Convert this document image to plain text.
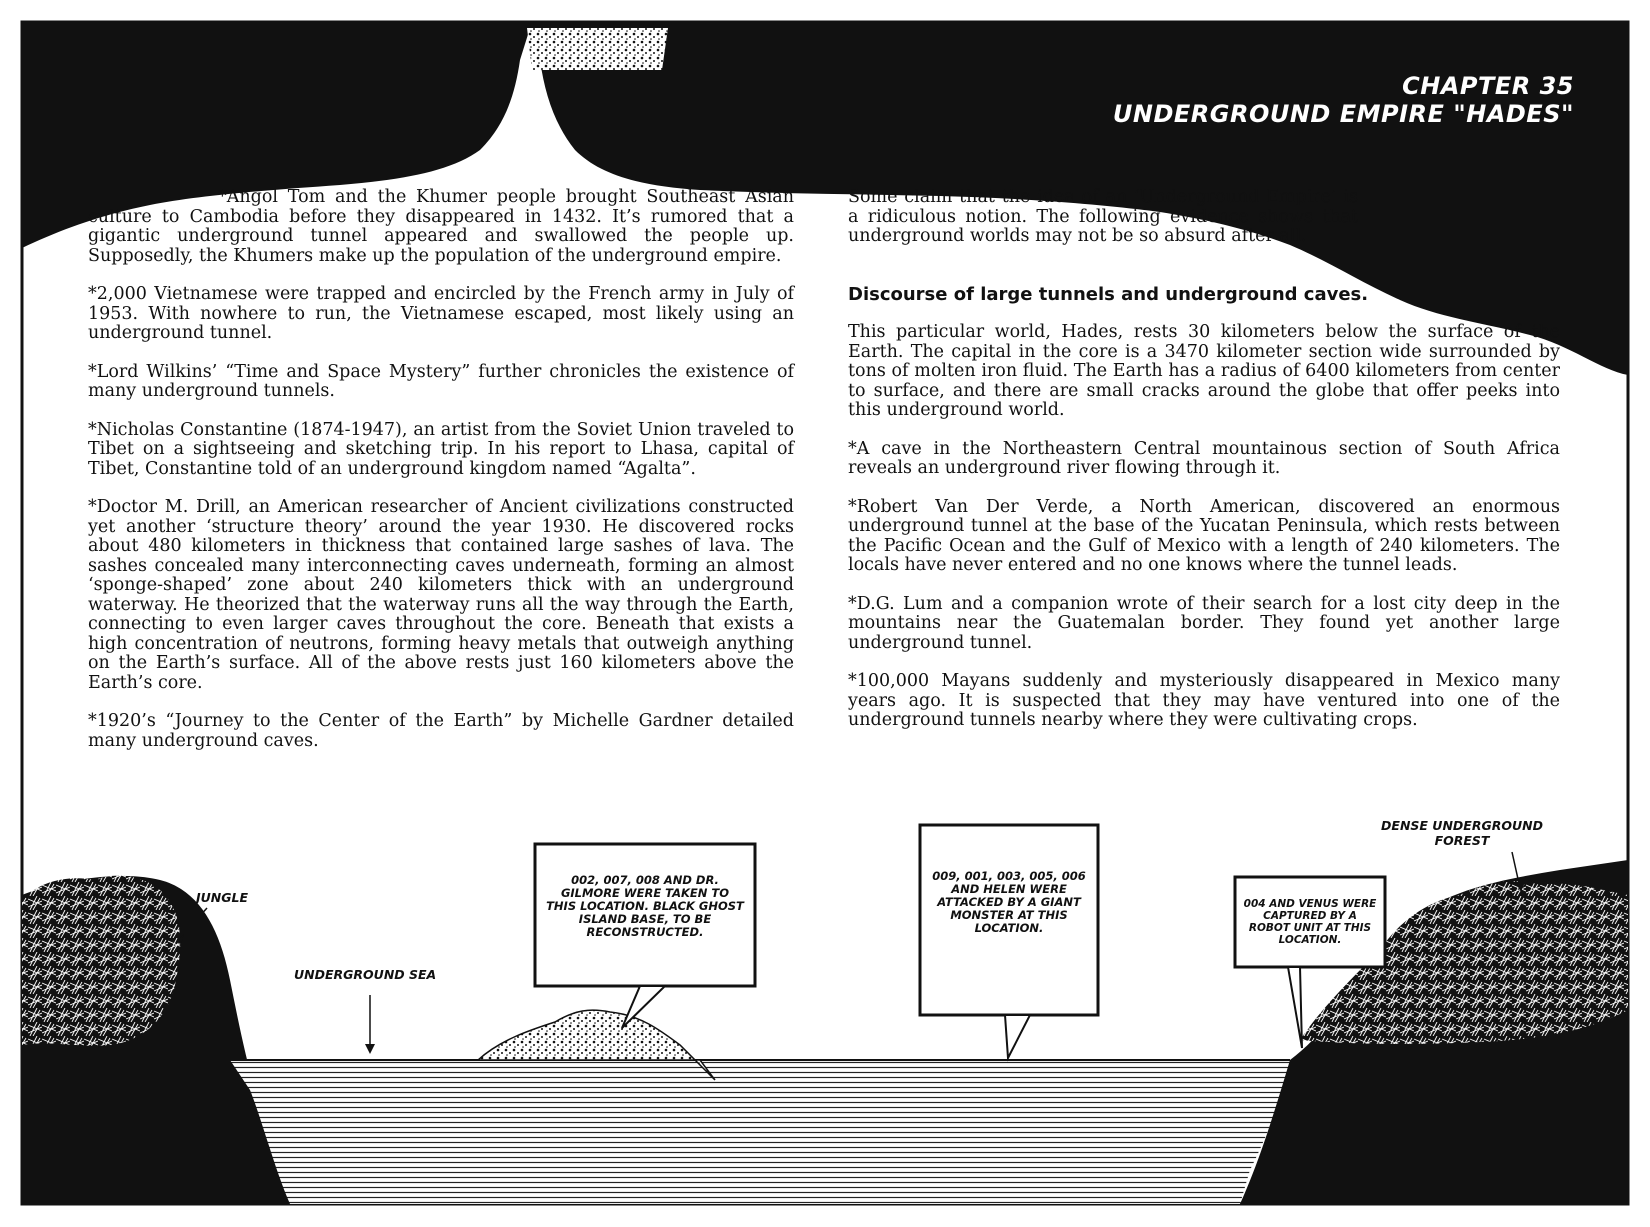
CHAPTER 35
UNDERGROUND EMPIRE "HADES"

*Angol Tom and the Khumer people brought Southeast Asian culture to Cambodia before they disappeared in 1432. It’s rumored that a gigantic underground tunnel appeared and swallowed the people up. Supposedly, the Khumers make up the population of the underground empire.

*2,000 Vietnamese were trapped and encircled by the French army in July of 1953. With nowhere to run, the Vietnamese escaped, most likely using an underground tunnel.

*Lord Wilkins’ “Time and Space Mystery” further chronicles the existence of many underground tunnels.

*Nicholas Constantine (1874-1947), an artist from the Soviet Union traveled to Tibet on a sightseeing and sketching trip. In his report to Lhasa, capital of Tibet, Constantine told of an underground kingdom named “Agalta”.

*Doctor M. Drill, an American researcher of Ancient civilizations constructed yet another ‘structure theory’ around the year 1930. He discovered rocks about 480 kilometers in thickness that contained large sashes of lava. The sashes concealed many interconnecting caves underneath, forming an almost ‘sponge-shaped’ zone about 240 kilometers thick with an underground waterway. He theorized that the waterway runs all the way through the Earth, connecting to even larger caves throughout the core. Beneath that exists a high concentration of neutrons, forming heavy metals that outweigh anything on the Earth’s surface. All of the above rests just 160 kilometers above the Earth’s core.

*1920’s “Journey to the Center of the Earth” by Michelle Gardner detailed many underground caves.

Some claim that the idea of an ‘Underground Empire’ is a ridiculous notion. The following evidence shows that underground worlds may not be so absurd after all.

Discourse of large tunnels and underground caves.

This particular world, Hades, rests 30 kilometers below the surface of the Earth. The capital in the core is a 3470 kilometer section wide surrounded by tons of molten iron fluid. The Earth has a radius of 6400 kilometers from center to surface, and there are small cracks around the globe that offer peeks into this underground world.

*A cave in the Northeastern Central mountainous section of South Africa reveals an underground river flowing through it.

*Robert Van Der Verde, a North American, discovered an enormous underground tunnel at the base of the Yucatan Peninsula, which rests between the Pacific Ocean and the Gulf of Mexico with a length of 240 kilometers. The locals have never entered and no one knows where the tunnel leads.

*D.G. Lum and a companion wrote of their search for a lost city deep in the mountains near the Guatemalan border. They found yet another large underground tunnel.

*100,000 Mayans suddenly and mysteriously disappeared in Mexico many years ago. It is suspected that they may have ventured into one of the underground tunnels nearby where they were cultivating crops.

JUNGLE
UNDERGROUND SEA
DENSE UNDERGROUND FOREST
002, 007, 008 AND DR. GILMORE WERE TAKEN TO THIS LOCATION. BLACK GHOST ISLAND BASE, TO BE RECONSTRUCTED.
009, 001, 003, 005, 006 AND HELEN WERE ATTACKED BY A GIANT MONSTER AT THIS LOCATION.
004 AND VENUS WERE CAPTURED BY A ROBOT UNIT AT THIS LOCATION.
